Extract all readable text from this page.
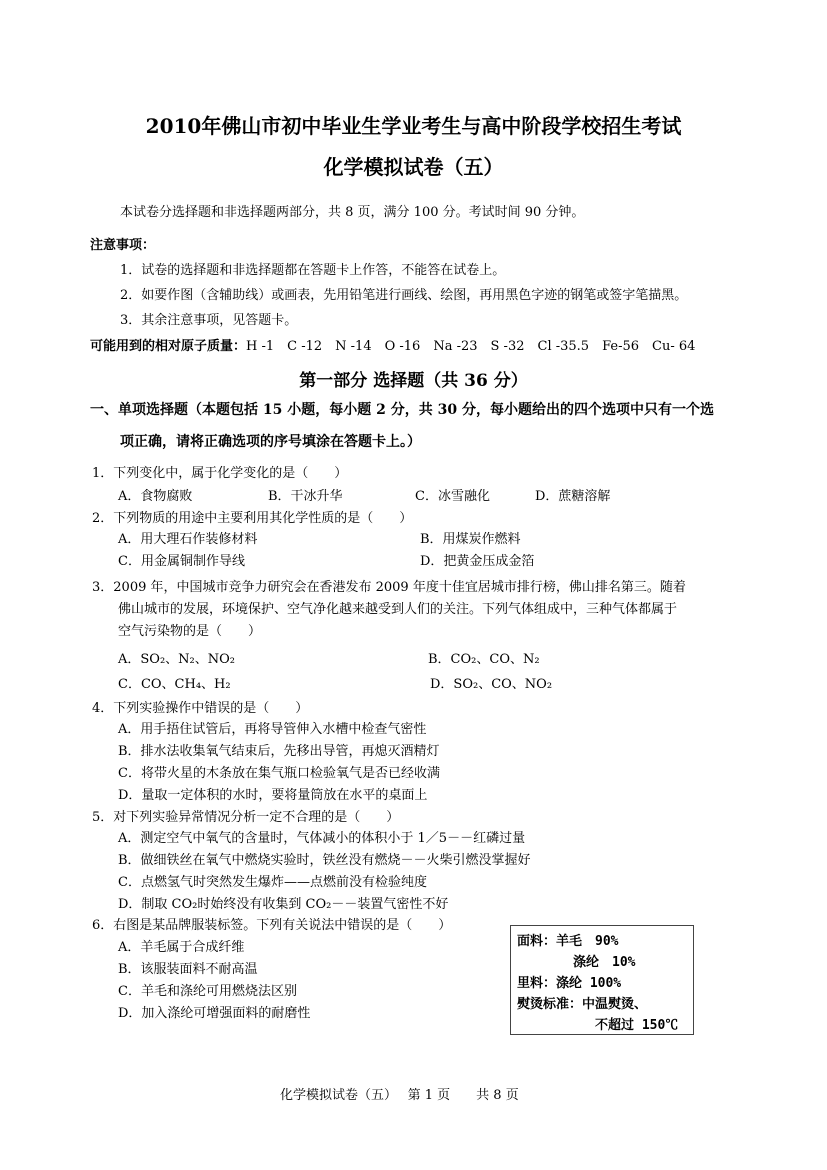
2010年佛山市初中毕业生学业考生与高中阶段学校招生考试
化学模拟试卷（五）
本试卷分选择题和非选择题两部分，共 8 页，满分 100 分。考试时间 90 分钟。
注意事项：
1．试卷的选择题和非选择题都在答题卡上作答，不能答在试卷上。
2．如要作图（含辅助线）或画表，先用铅笔进行画线、绘图，再用黑色字迹的钢笔或签字笔描黑。
3．其余注意事项，见答题卡。
可能用到的相对原子质量：H -1　C -12　N -14　O -16　Na -23　S -32　Cl -35.5　Fe-56　Cu- 64
第一部分 选择题（共 36 分）
一、单项选择题（本题包括 15 小题，每小题 2 分，共 30 分，每小题给出的四个选项中只有一个选
项正确，请将正确选项的序号填涂在答题卡上。）
1．下列变化中，属于化学变化的是（　　）
A．食物腐败	B．干冰升华	C．冰雪融化	D．蔗糖溶解
2．下列物质的用途中主要利用其化学性质的是（　　）
A．用大理石作装修材料	B．用煤炭作燃料
C．用金属铜制作导线	D．把黄金压成金箔
3．2009 年，中国城市竞争力研究会在香港发布 2009 年度十佳宜居城市排行榜，佛山排名第三。随着
佛山城市的发展，环境保护、空气净化越来越受到人们的关注。下列气体组成中，三种气体都属于
空气污染物的是（　　）
A．SO₂、N₂、NO₂	B．CO₂、CO、N₂
C．CO、CH₄、H₂	D．SO₂、CO、NO₂
4．下列实验操作中错误的是（　　）
A．用手捂住试管后，再将导管伸入水槽中检查气密性
B．排水法收集氧气结束后，先移出导管，再熄灭酒精灯
C．将带火星的木条放在集气瓶口检验氧气是否已经收满
D．量取一定体积的水时，要将量筒放在水平的桌面上
5．对下列实验异常情况分析一定不合理的是（　　）
A．测定空气中氧气的含量时，气体减小的体积小于 1／5－－红磷过量
B．做细铁丝在氧气中燃烧实验时，铁丝没有燃烧－－火柴引燃没掌握好
C．点燃氢气时突然发生爆炸——点燃前没有检验纯度
D．制取 CO₂时始终没有收集到 CO₂－－装置气密性不好
6．右图是某品牌服装标签。下列有关说法中错误的是（　　）
A．羊毛属于合成纤维
B．该服装面料不耐高温
C．羊毛和涤纶可用燃烧法区别
D．加入涤纶可增强面料的耐磨性
面料：羊毛　90%
涤纶　10%
里料：涤纶 100%
熨烫标准：中温熨烫、
不超过 150℃
化学模拟试卷（五）　 第 1 页　　共 8 页
